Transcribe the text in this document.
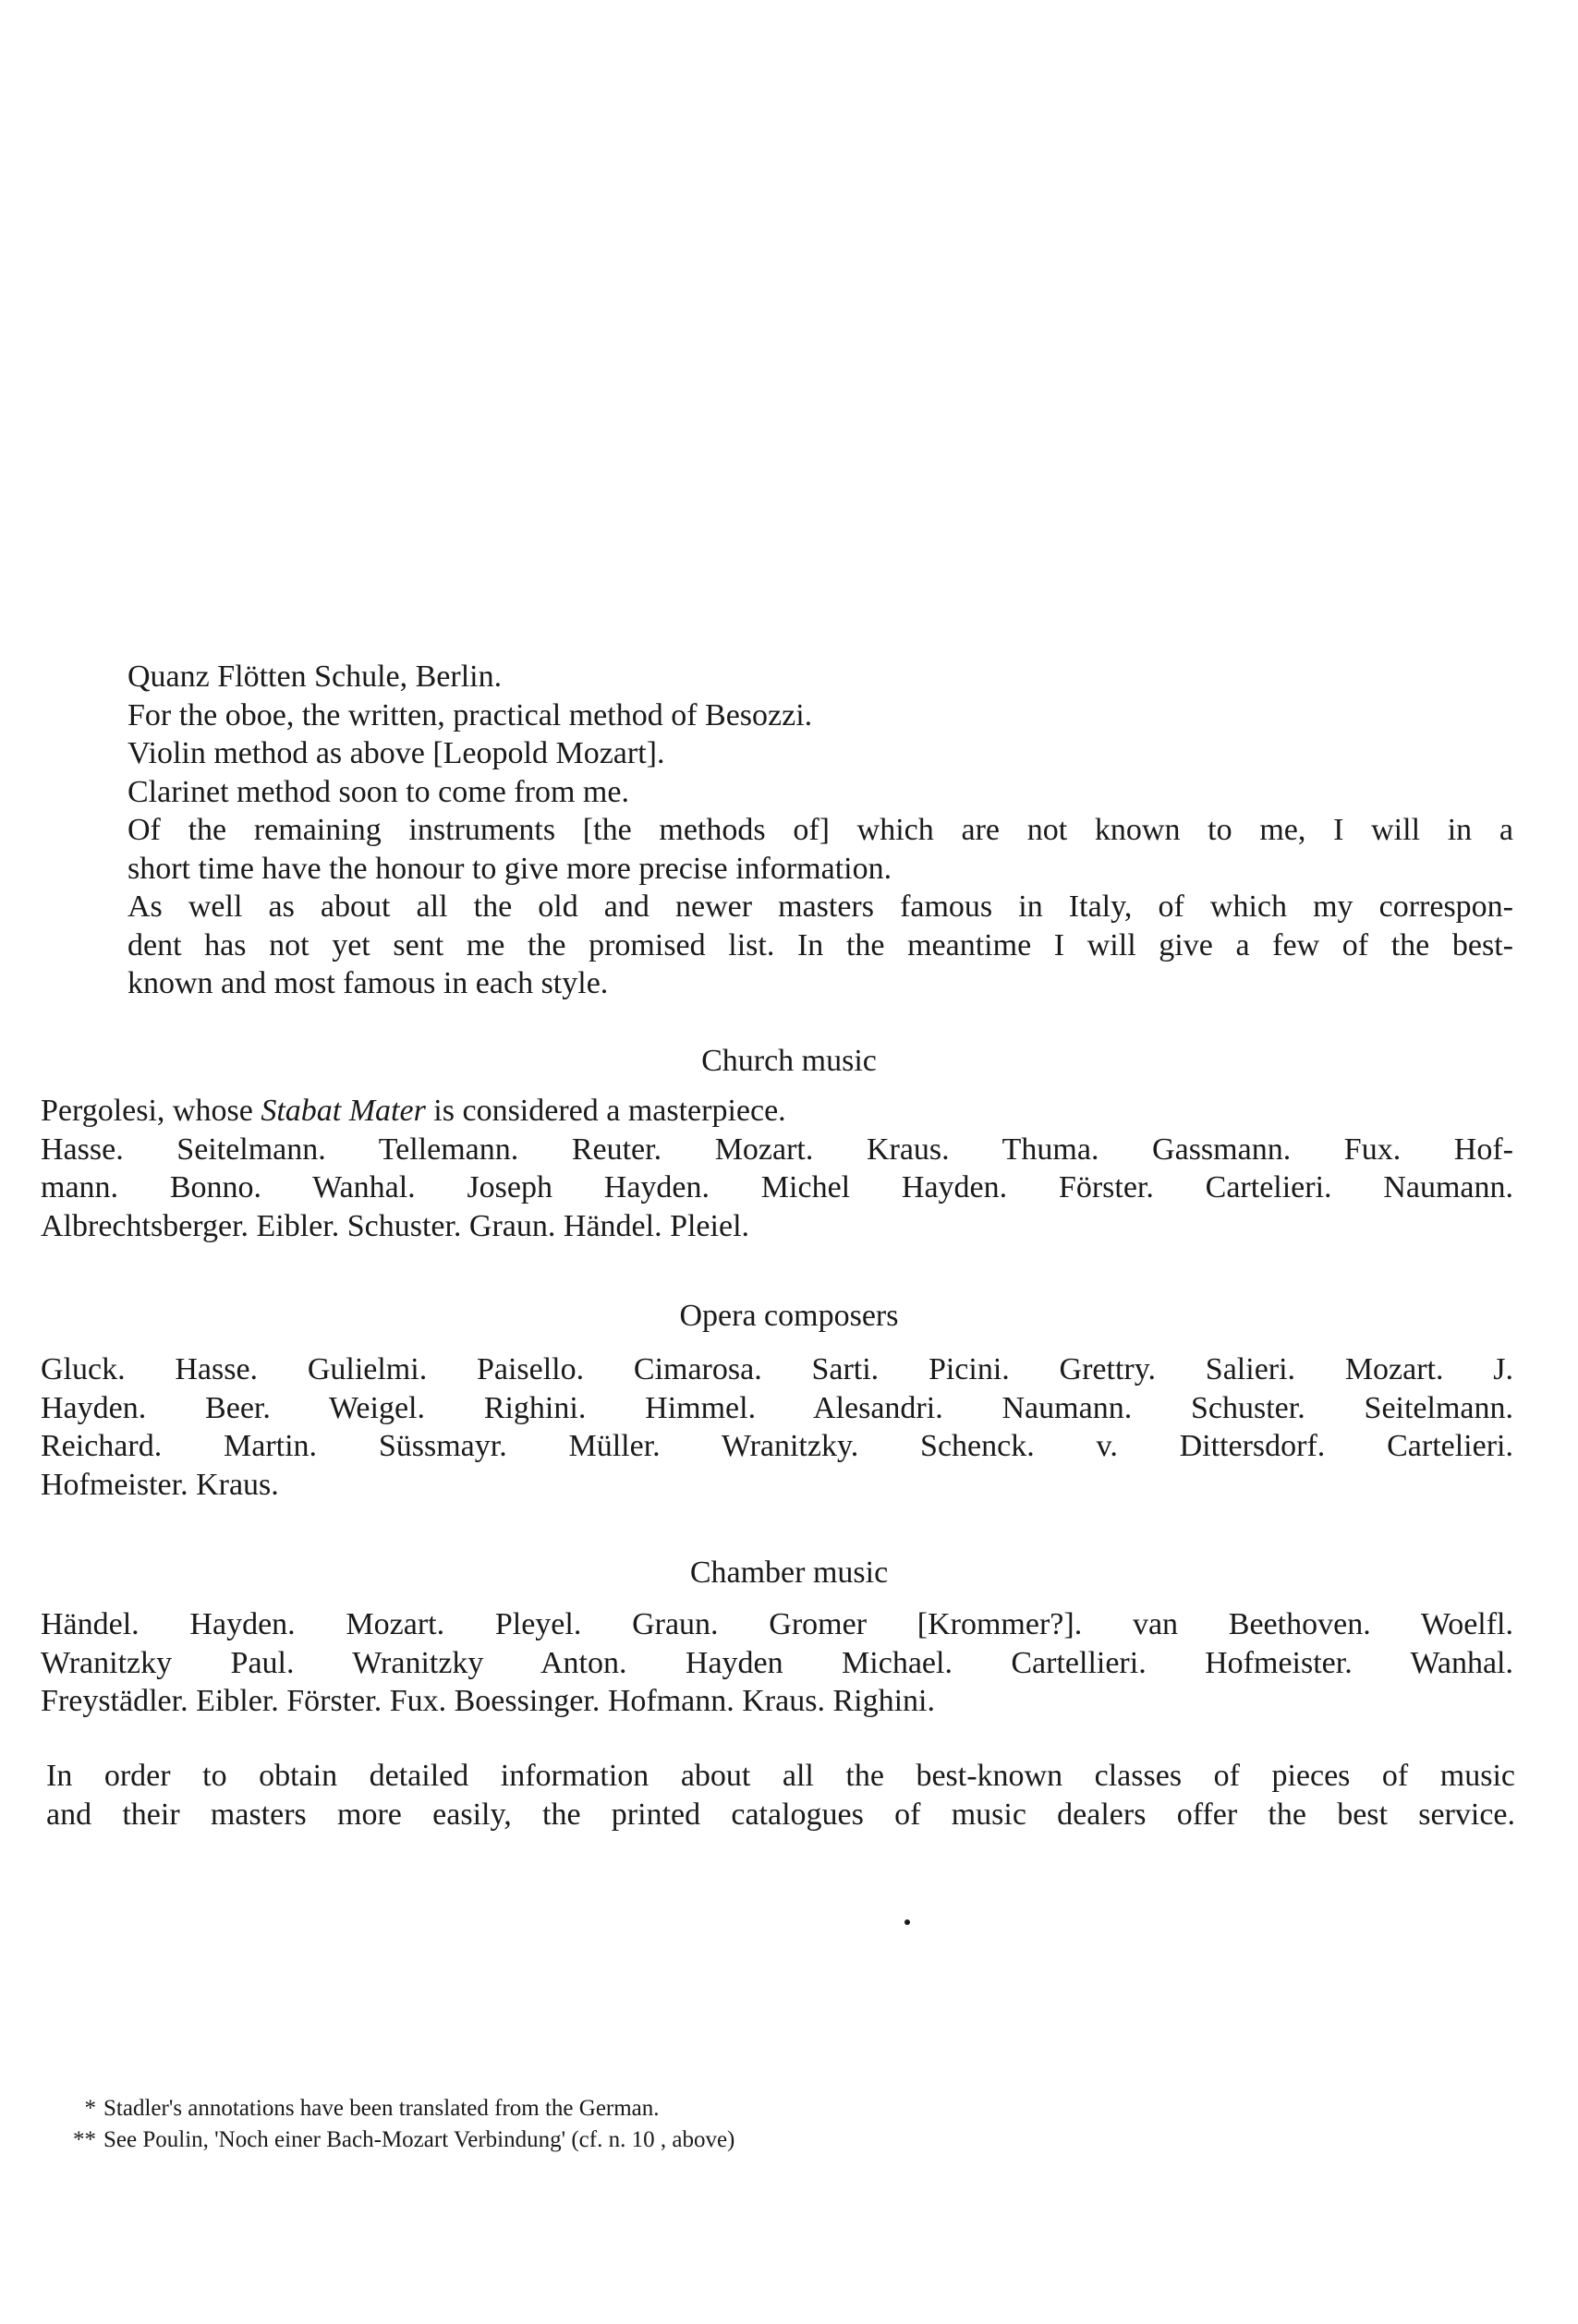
Quanz Flötten Schule, Berlin.

For the oboe, the written, practical method of Besozzi.

Violin method as above [Leopold Mozart].

Clarinet method soon to come from me.

Of the remaining instruments [the methods of] which are not known to me, I will in a

short time have the honour to give more precise information.

As well as about all the old and newer masters famous in Italy, of which my correspon-

dent has not yet sent me the promised list. In the meantime I will give a few of the best-

known and most famous in each style.

Church music

Pergolesi, whose Stabat Mater is considered a masterpiece.

Hasse. Seitelmann. Tellemann. Reuter. Mozart. Kraus. Thuma. Gassmann. Fux. Hof-

mann. Bonno. Wanhal. Joseph Hayden. Michel Hayden. Förster. Cartelieri. Naumann.

Albrechtsberger. Eibler. Schuster. Graun. Händel. Pleiel.

Opera composers

Gluck. Hasse. Gulielmi. Paisello. Cimarosa. Sarti. Picini. Grettry. Salieri. Mozart. J.

Hayden. Beer. Weigel. Righini. Himmel. Alesandri. Naumann. Schuster. Seitelmann.

Reichard. Martin. Süssmayr. Müller. Wranitzky. Schenck. v. Dittersdorf. Cartelieri.

Hofmeister. Kraus.

Chamber music

Händel. Hayden. Mozart. Pleyel. Graun. Gromer [Krommer?]. van Beethoven. Woelfl.

Wranitzky Paul. Wranitzky Anton. Hayden Michael. Cartellieri. Hofmeister. Wanhal.

Freystädler. Eibler. Förster. Fux. Boessinger. Hofmann. Kraus. Righini.

In order to obtain detailed information about all the best-known classes of pieces of music

and their masters more easily, the printed catalogues of music dealers offer the best service.

* Stadler's annotations have been translated from the German.

** See Poulin, 'Noch einer Bach-Mozart Verbindung' (cf. n. 10 , above)
